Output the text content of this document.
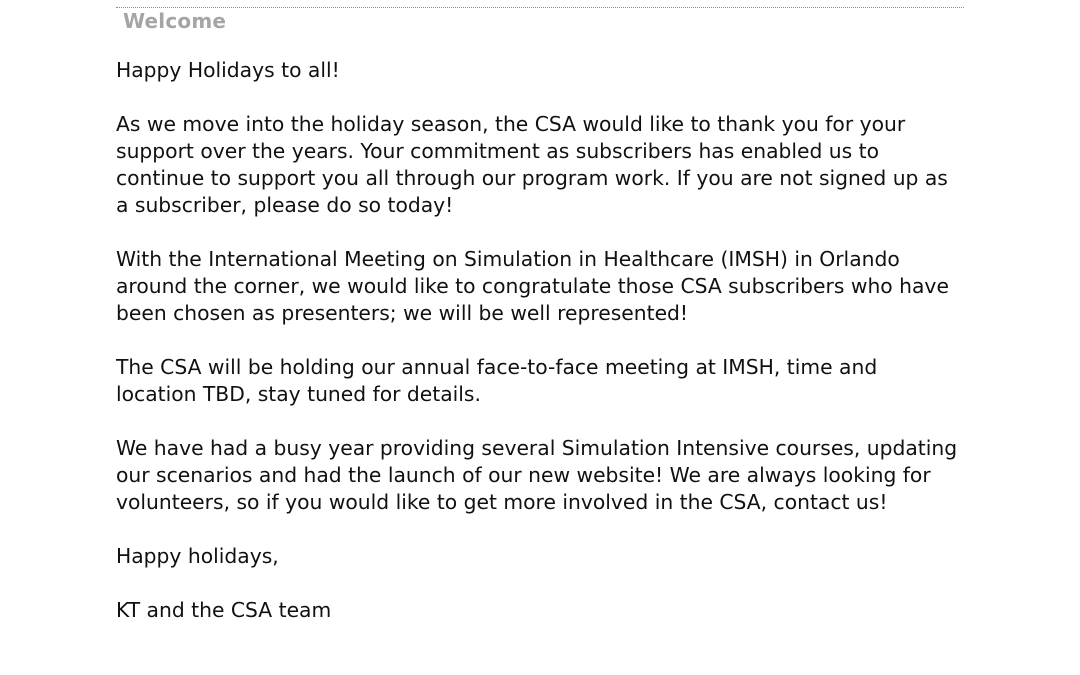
Welcome

Happy Holidays to all!

As we move into the holiday season, the CSA would like to thank you for your
support over the years. Your commitment as subscribers has enabled us to
continue to support you all through our program work. If you are not signed up as
a subscriber, please do so today!

With the International Meeting on Simulation in Healthcare (IMSH) in Orlando
around the corner, we would like to congratulate those CSA subscribers who have
been chosen as presenters; we will be well represented!

The CSA will be holding our annual face-to-face meeting at IMSH, time and
location TBD, stay tuned for details.

We have had a busy year providing several Simulation Intensive courses, updating
our scenarios and had the launch of our new website! We are always looking for
volunteers, so if you would like to get more involved in the CSA, contact us!

Happy holidays,

KT and the CSA team
